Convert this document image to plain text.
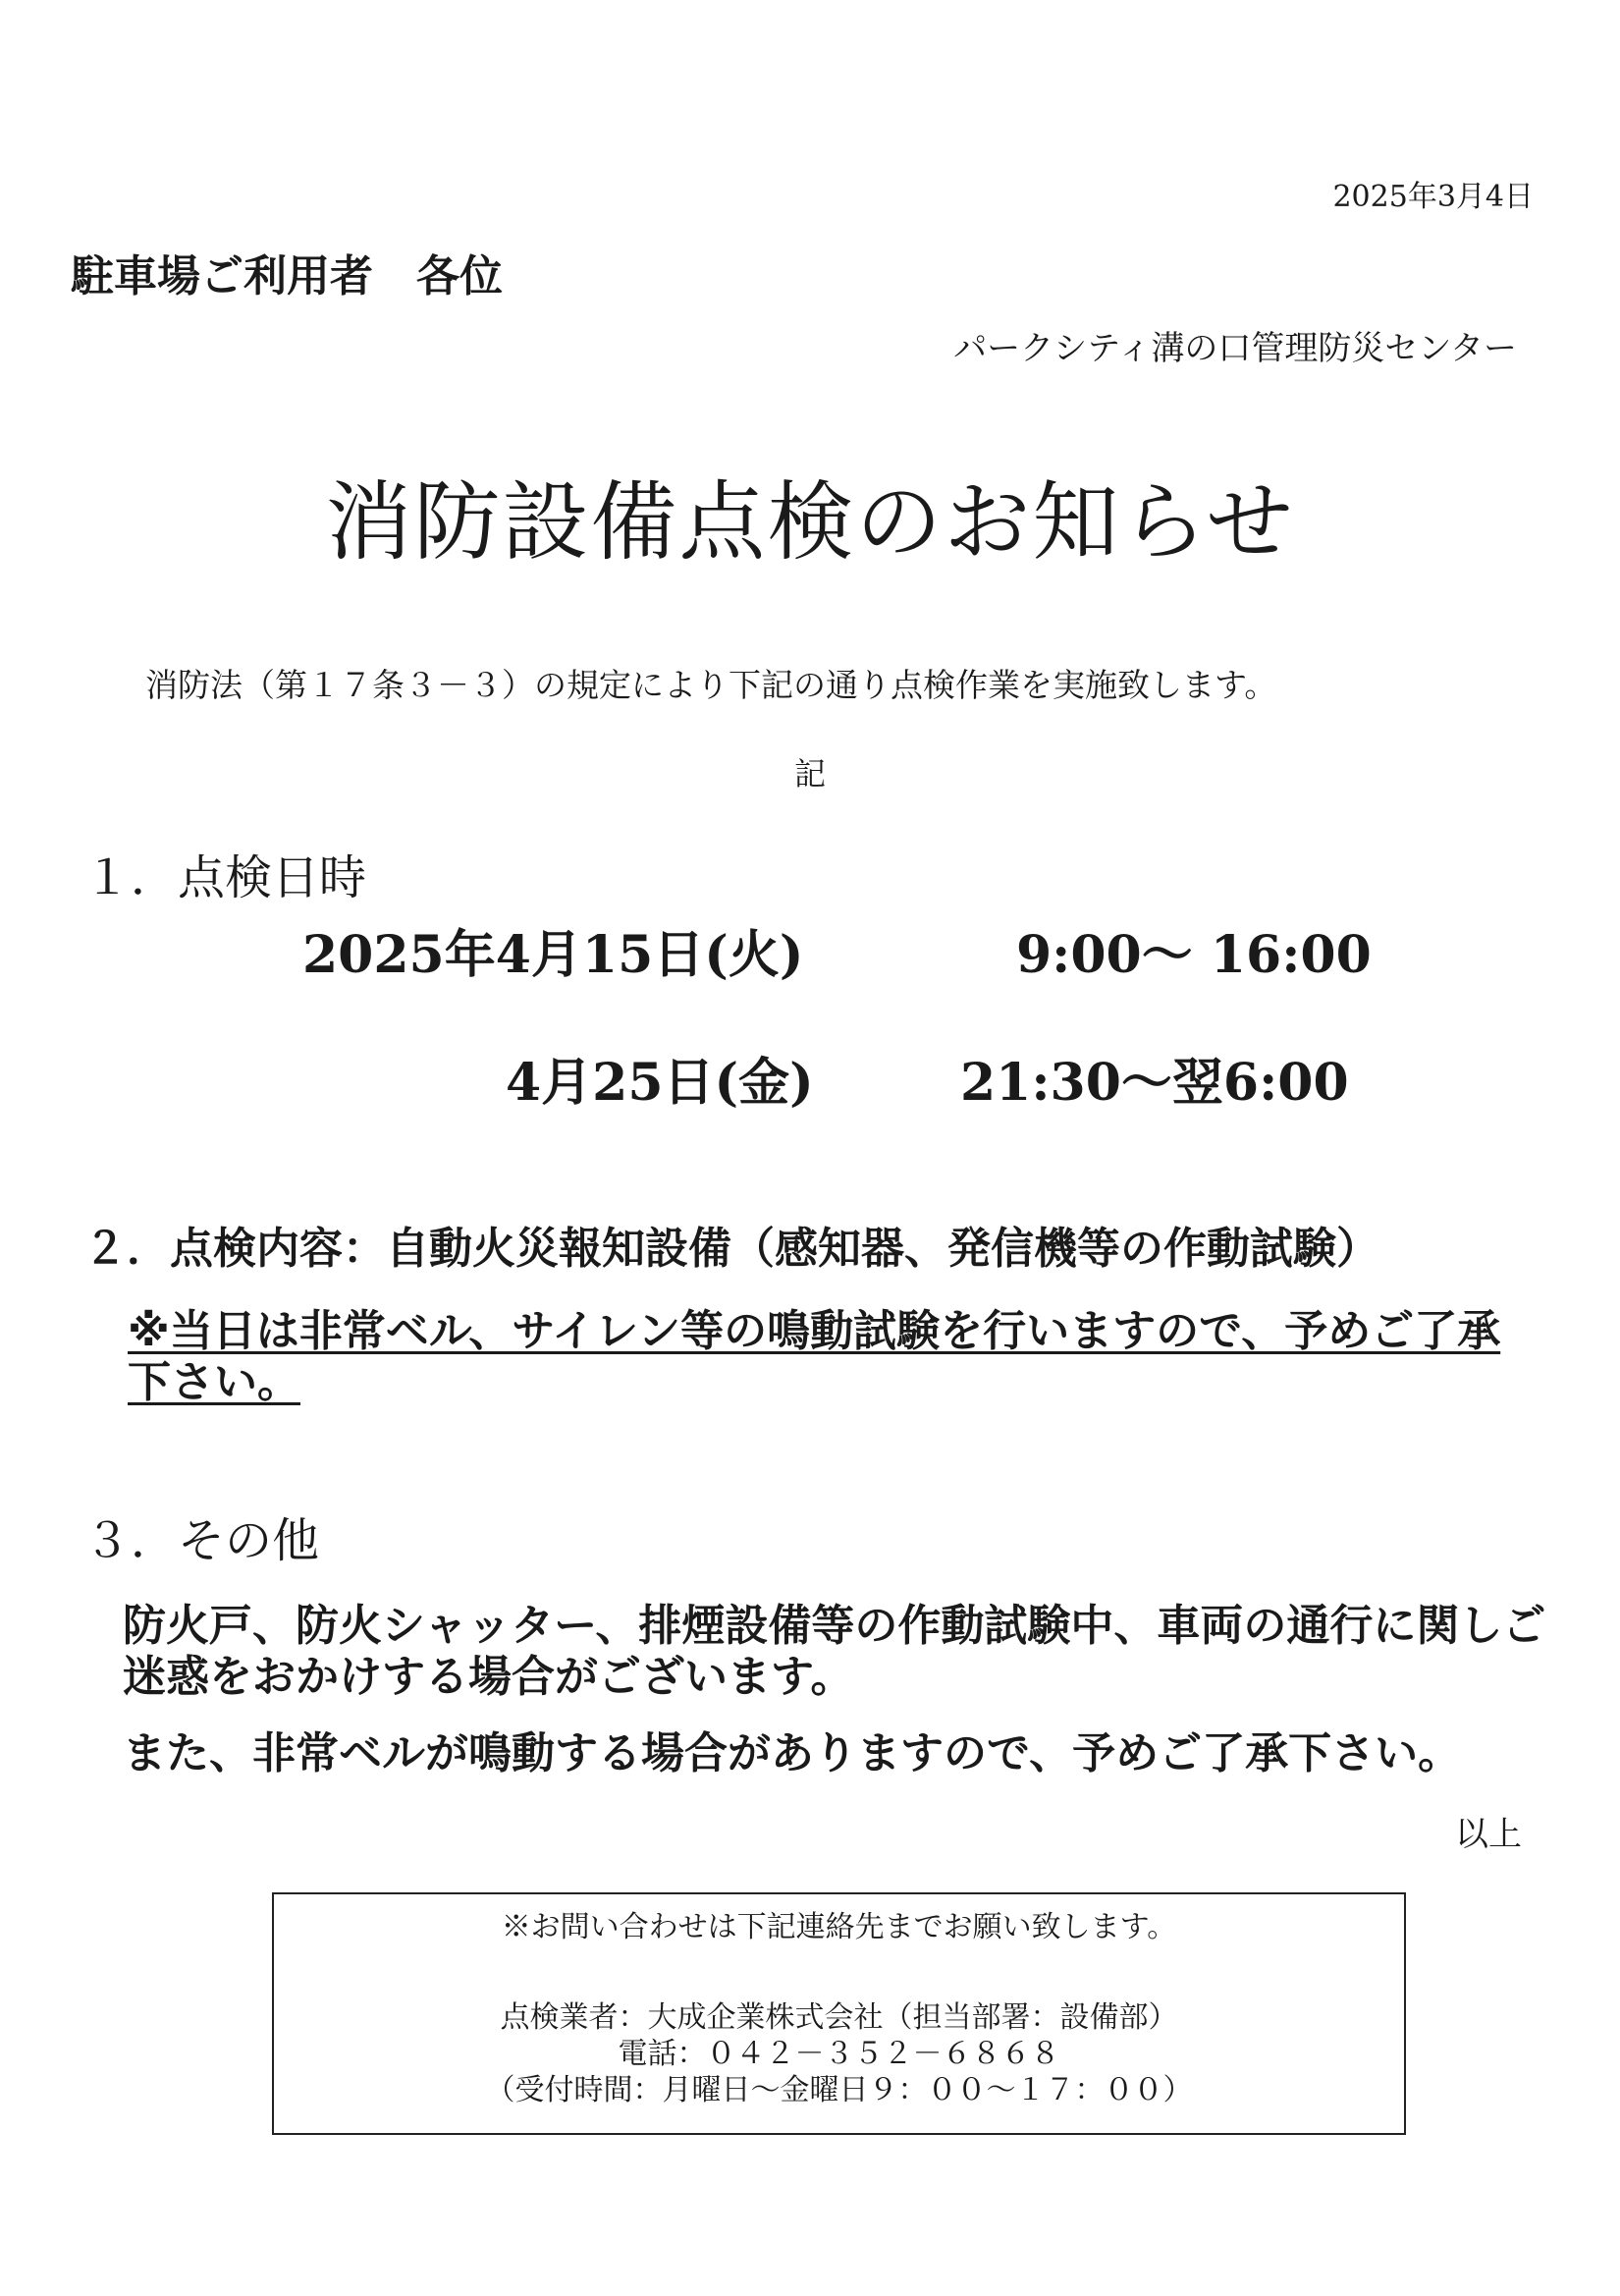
2025年3月4日
駐車場ご利用者　各位
パークシティ溝の口管理防災センター
消防設備点検のお知らせ
消防法（第１７条３－３）の規定により下記の通り点検作業を実施致します。
記
１．点検日時
2025年4月15日(火)	9:00～ 16:00
4月25日(金)	21:30～翌6:00
２．点検内容：自動火災報知設備（感知器、発信機等の作動試験）
※当日は非常ベル、サイレン等の鳴動試験を行いますので、予めご了承下さい。
３．その他
防火戸、防火シャッター、排煙設備等の作動試験中、車両の通行に関しご迷惑をおかけする場合がございます。
また、非常ベルが鳴動する場合がありますので、予めご了承下さい。
以上
※お問い合わせは下記連絡先までお願い致します。
点検業者：大成企業株式会社（担当部署：設備部）
電話：０４２－３５２－６８６８
（受付時間：月曜日～金曜日９：００～１７：００）
